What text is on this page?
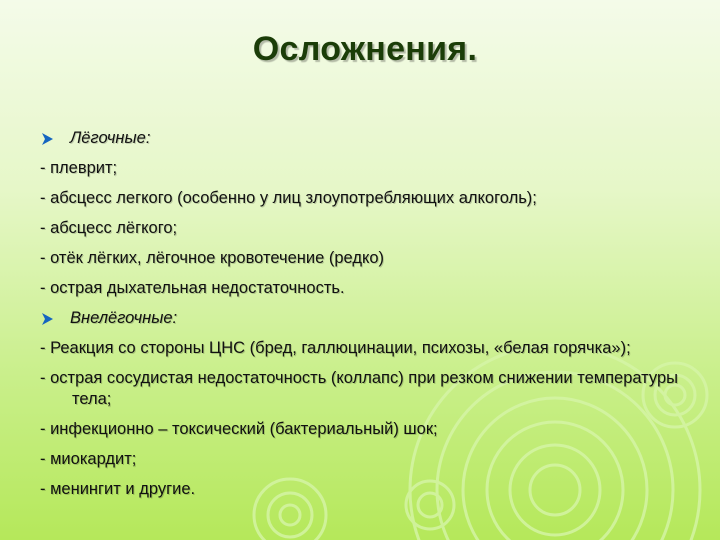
Осложнения.
Лёгочные:
- плеврит;
- абсцесс легкого (особенно у лиц злоупотребляющих алкоголь);
- абсцесс лёгкого;
- отёк лёгких, лёгочное кровотечение (редко)
- острая дыхательная недостаточность.
Внелёгочные:
- Реакция со стороны ЦНС (бред, галлюцинации, психозы, «белая горячка»);
- острая сосудистая недостаточность (коллапс) при резком снижении температуры тела;
- инфекционно – токсический (бактериальный) шок;
- миокардит;
- менингит и другие.
